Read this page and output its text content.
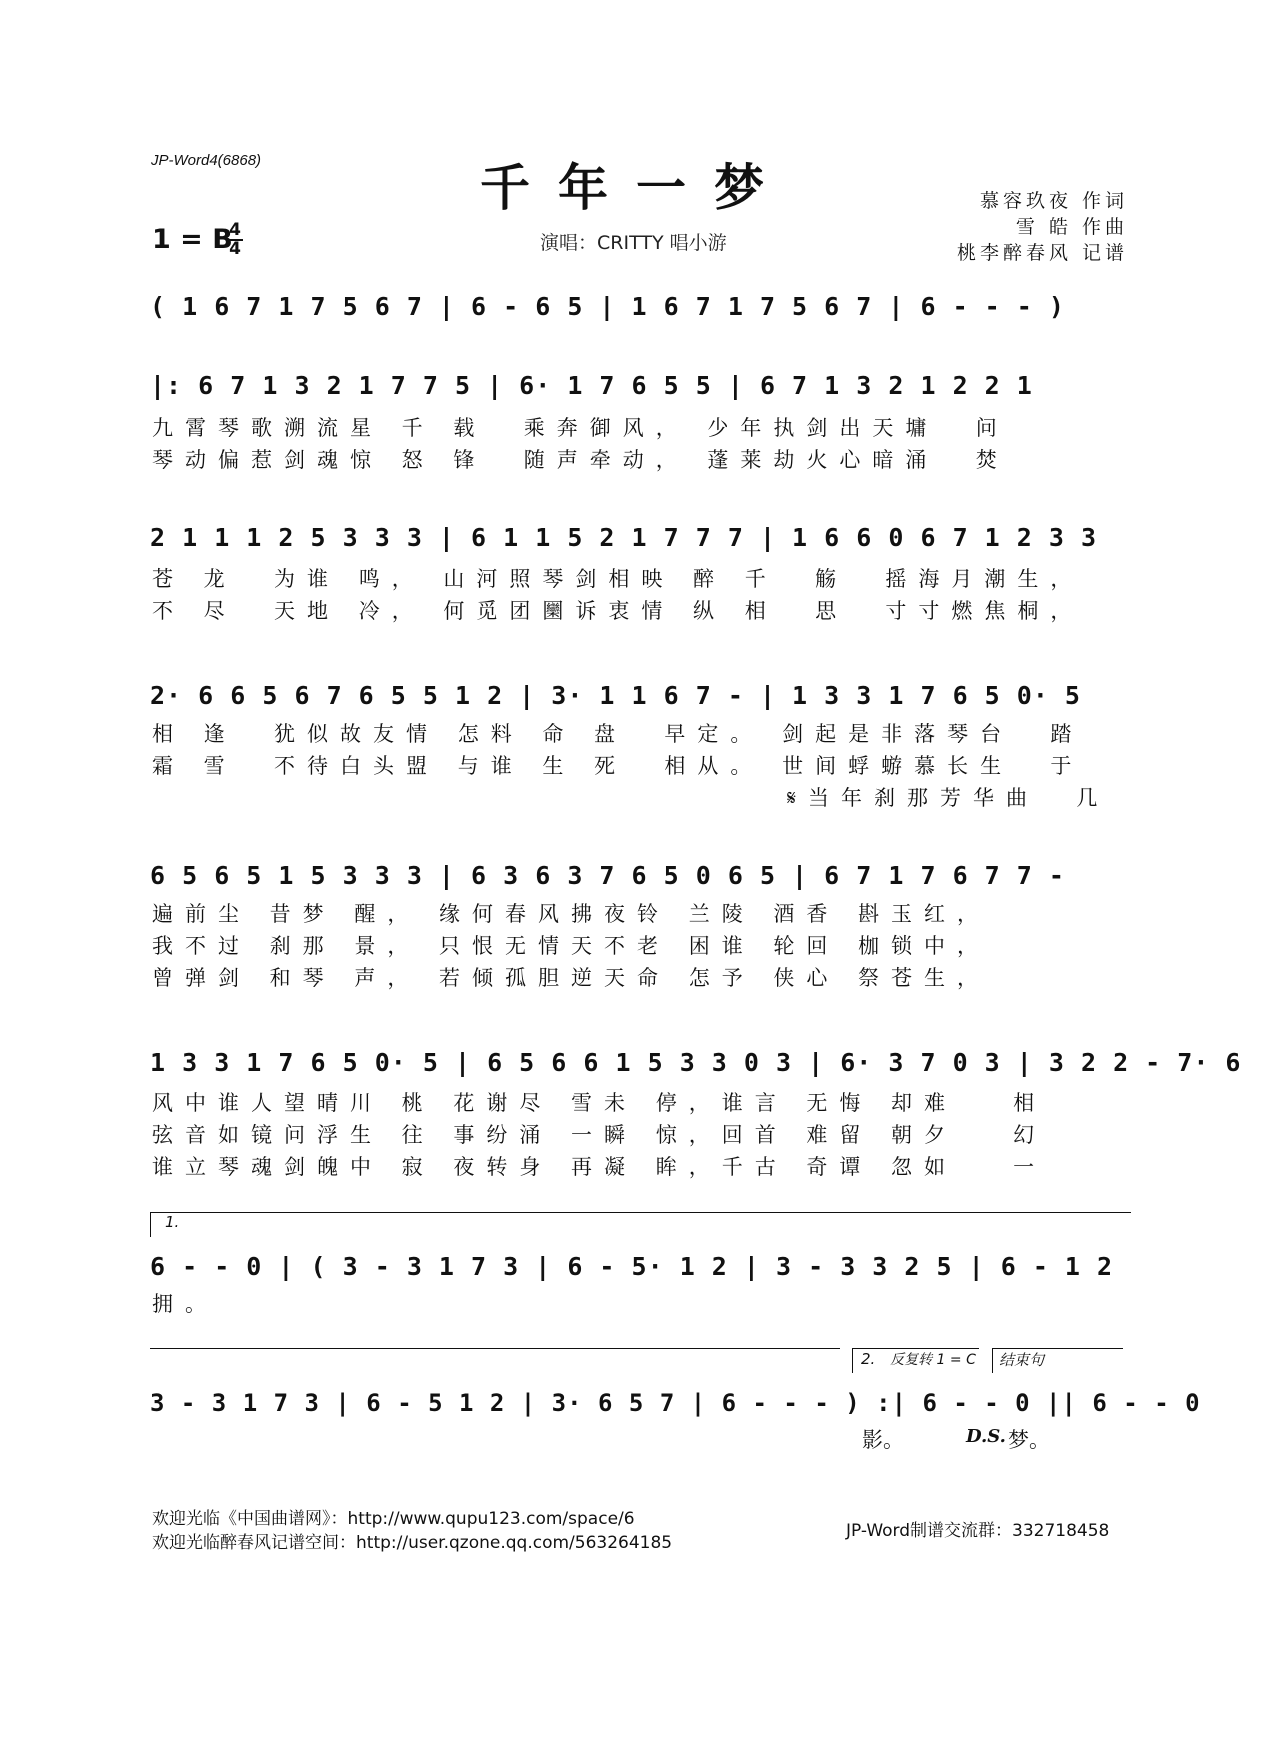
JP-Word4(6868)	千年一梦
演唱：CRITTY 唱小游
1 = B
4
4
慕容玖夜 作词
雪 皓 作曲
桃李醉春风 记谱
( 1 6 7 1 7 5 6 7 | 6 - 6 5 | 1 6 7 1 7 5 6 7 | 6 - - - )
|: 6 7 1 3 2 1 7 7 5 | 6· 1 7 6 5 5 | 6 7 1 3 2 1 2 2 1
九霄琴歌溯流星 千 载  乘奔御风， 少年执剑出天墉  问
琴动偏惹剑魂惊 怒 锋  随声牵动， 蓬莱劫火心暗涌  焚
2 1 1 1 2 5 3 3 3 | 6 1 1 5 2 1 7 7 7 | 1 6 6 0 6 7 1 2 3 3
苍 龙  为谁 鸣， 山河照琴剑相映 醉 千  觞  摇海月潮生，
不 尽  天地 冷， 何觅团圞诉衷情 纵 相  思  寸寸燃焦桐，
2· 6 6 5 6 7 6 5 5 1 2 | 3· 1 1 6 7 - | 1 3 3 1 7 6 5 0· 5
相 逢  犹似故友情 怎料 命 盘  早定。 剑起是非落琴台  踏
霜 雪  不待白头盟 与谁 生 死  相从。 世间蜉蝣慕长生  于
𝄋当年刹那芳华曲  几
6 5 6 5 1 5 3 3 3 | 6 3 6 3 7 6 5 0 6 5 | 6 7 1 7 6 7 7 -
遍前尘 昔梦 醒， 缘何春风拂夜铃 兰陵 酒香 斟玉红，
我不过 刹那 景， 只恨无情天不老 困谁 轮回 枷锁中，
曾弹剑 和琴 声， 若倾孤胆逆天命 怎予 侠心 祭苍生，
1 3 3 1 7 6 5 0· 5 | 6 5 6 6 1 5 3 3 0 3 | 6· 3 7 0 3 | 3 2 2 - 7· 6
风中谁人望晴川 桃 花谢尽 雪未 停，谁言 无悔 却难   相
弦音如镜问浮生 往 事纷涌 一瞬 惊，回首 难留 朝夕   幻
谁立琴魂剑魄中 寂 夜转身 再凝 眸，千古 奇谭 忽如   一
1.
6 - - 0 | ( 3 - 3 1 7 3 | 6 - 5· 1 2 | 3 - 3 3 2 5 | 6 - 1 2
拥。
2. 反复转 1 = C	结束句
3 - 3 1 7 3 | 6 - 5 1 2 | 3· 6 5 7 | 6 - - - ) :| 6 - - 0 || 6 - - 0
影。	D.S. 梦。
欢迎光临《中国曲谱网》：http://www.qupu123.com/space/6
欢迎光临醉春风记谱空间：http://user.qzone.qq.com/563264185
JP-Word制谱交流群：332718458
